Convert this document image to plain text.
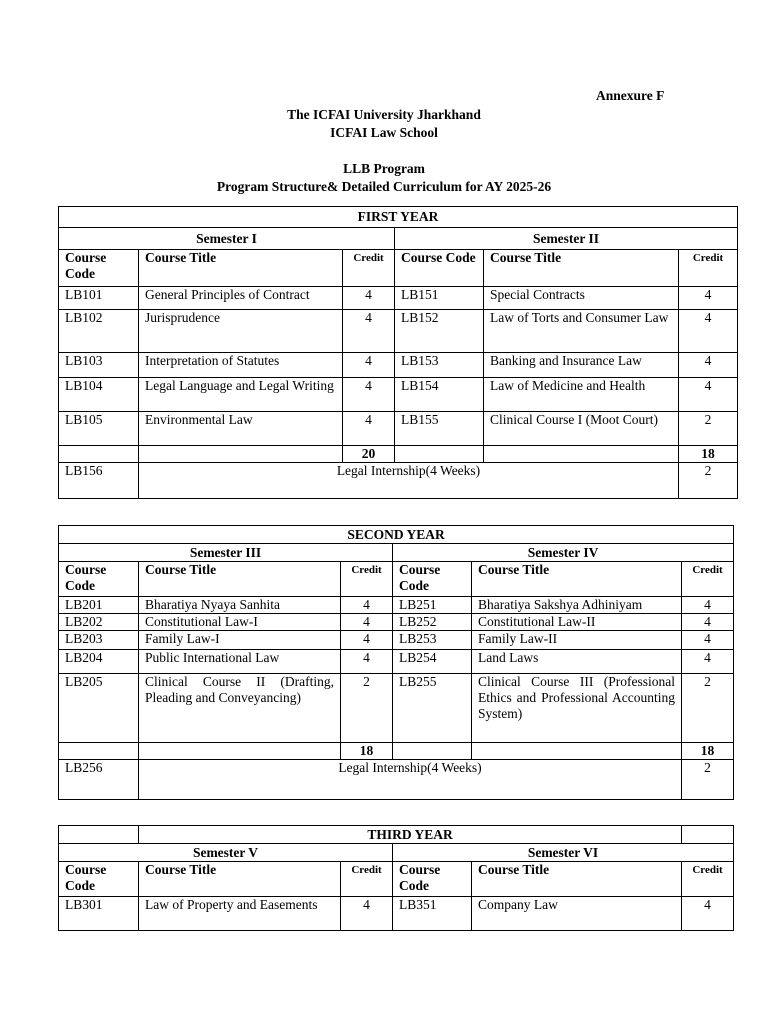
Annexure F
The ICFAI University Jharkhand
ICFAI Law School
LLB Program
Program Structure& Detailed Curriculum for AY 2025-26
FIRST YEAR					
Semester I			Semester II		
Course Code	Course Title	Credit	Course Code	Course Title	Credit
LB101	General Principles of Contract	4	LB151	Special Contracts	4
LB102	Jurisprudence	4	LB152	Law of Torts and Consumer Law	4
LB103	Interpretation of Statutes	4	LB153	Banking and Insurance Law	4
LB104	Legal Language and Legal Writing	4	LB154	Law of Medicine and Health	4
LB105	Environmental Law	4	LB155	Clinical Course I (Moot Court)	2
		20			18
LB156	Legal Internship(4 Weeks)				2
SECOND YEAR					
Semester III			Semester IV		
Course Code	Course Title	Credit	Course Code	Course Title	Credit
LB201	Bharatiya Nyaya Sanhita	4	LB251	Bharatiya Sakshya Adhiniyam	4
LB202	Constitutional Law-I	4	LB252	Constitutional Law-II	4
LB203	Family Law-I	4	LB253	Family Law-II	4
LB204	Public International Law	4	LB254	Land Laws	4
LB205	Clinical Course II (Drafting, Pleading and Conveyancing)	2	LB255	Clinical Course III (Professional Ethics and Professional Accounting System)	2
		18			18
LB256	Legal Internship(4 Weeks)				2
	THIRD YEAR				
Semester V			Semester VI		
Course Code	Course Title	Credit	Course Code	Course Title	Credit
LB301	Law of Property and Easements	4	LB351	Company Law	4
